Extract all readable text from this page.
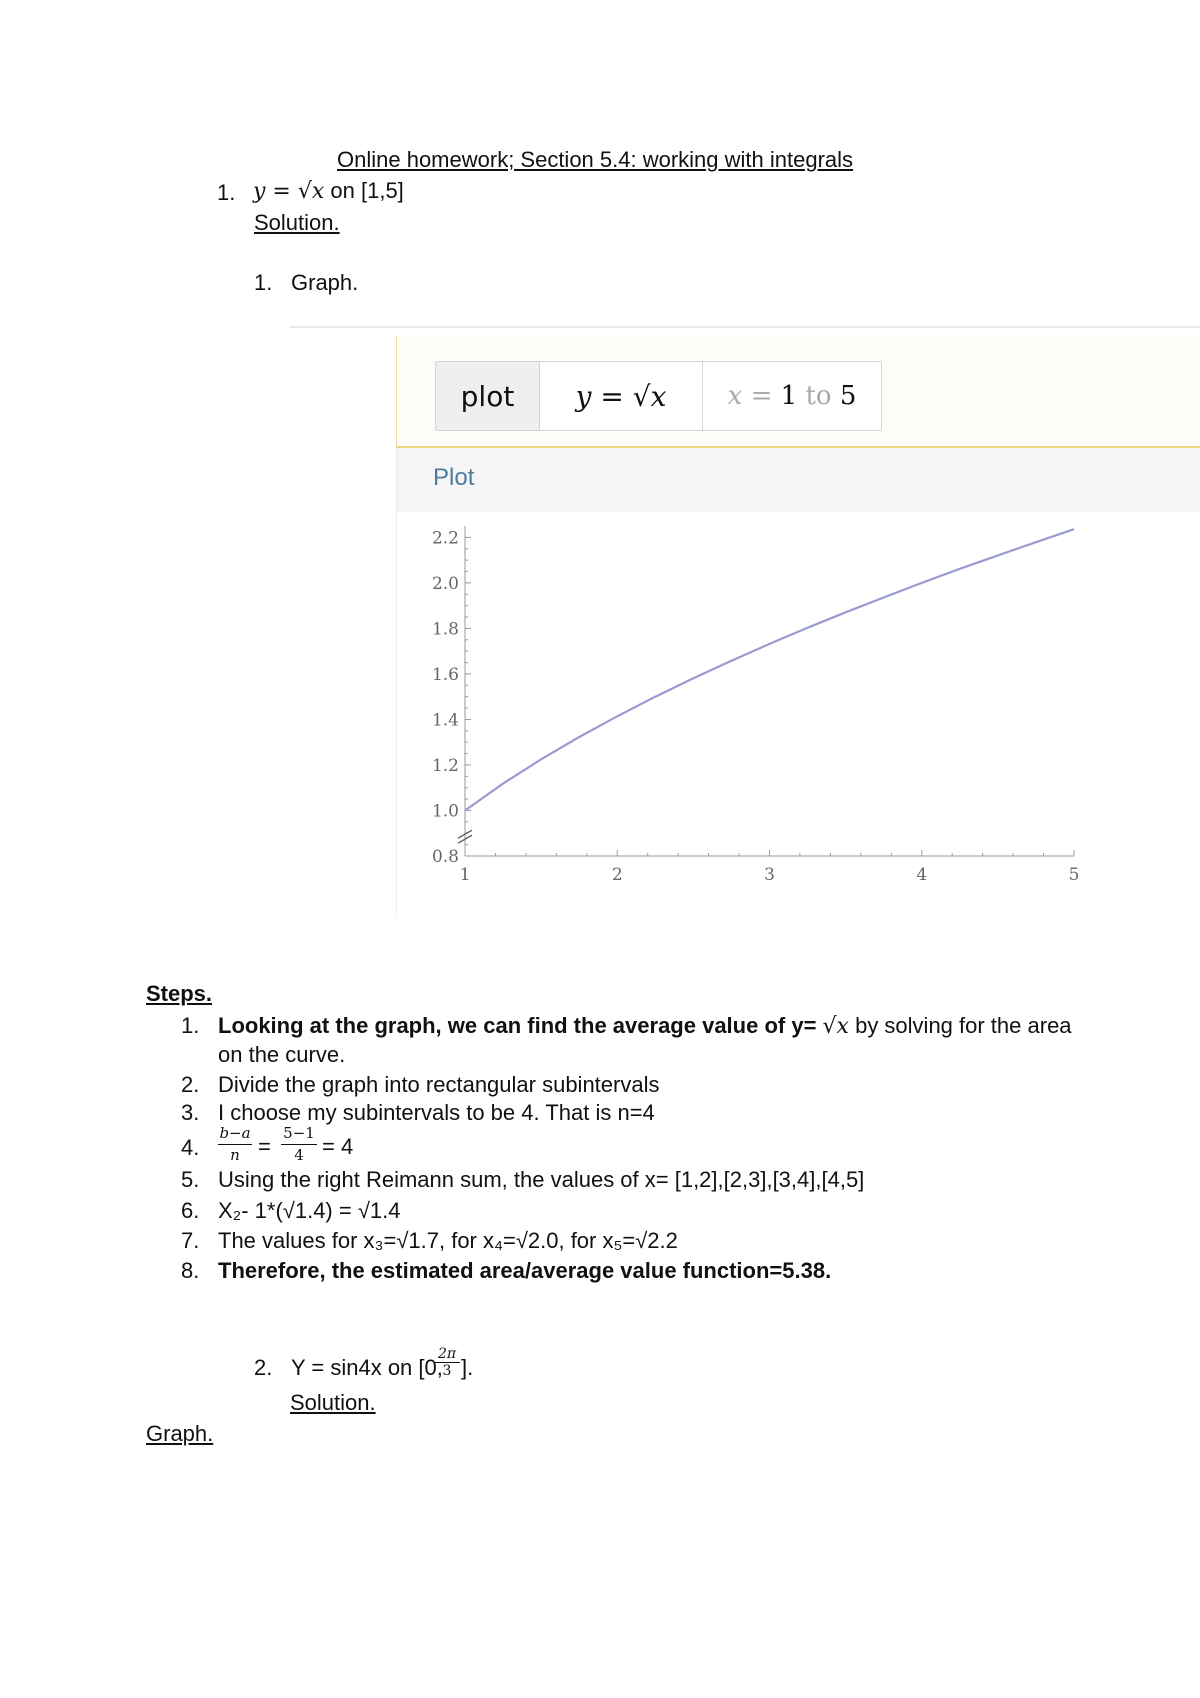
Online homework; Section 5.4: working with integrals
1. y = √x on [1,5]
Solution.
1. Graph.
plot	y = √x	x =
1
to
5
Plot
1	2	3	4	5
0.8
1.0
1.2
1.4
1.6
1.8
2.0
2.2
Steps.
1. Looking at the graph, we can find the average value of y= √x by solving for the area
on the curve.
2. Divide the graph into rectangular subintervals
3. I choose my subintervals to be 4. That is n=4
4. $\frac{b-a}{n} = \frac{5-1}{4} = 4$
5. Using the right Reimann sum, the values of x= [1,2],[2,3],[3,4],[4,5]
6. X₂- 1*(√1.4) = √1.4
7. The values for x₃=√1.7, for x₄=√2.0, for x₅=√2.2
8. Therefore, the estimated area/average value function=5.38.
2. Y = sin4x on [0,
$\frac{2\pi}{3}$ ].
Solution.
Graph.
